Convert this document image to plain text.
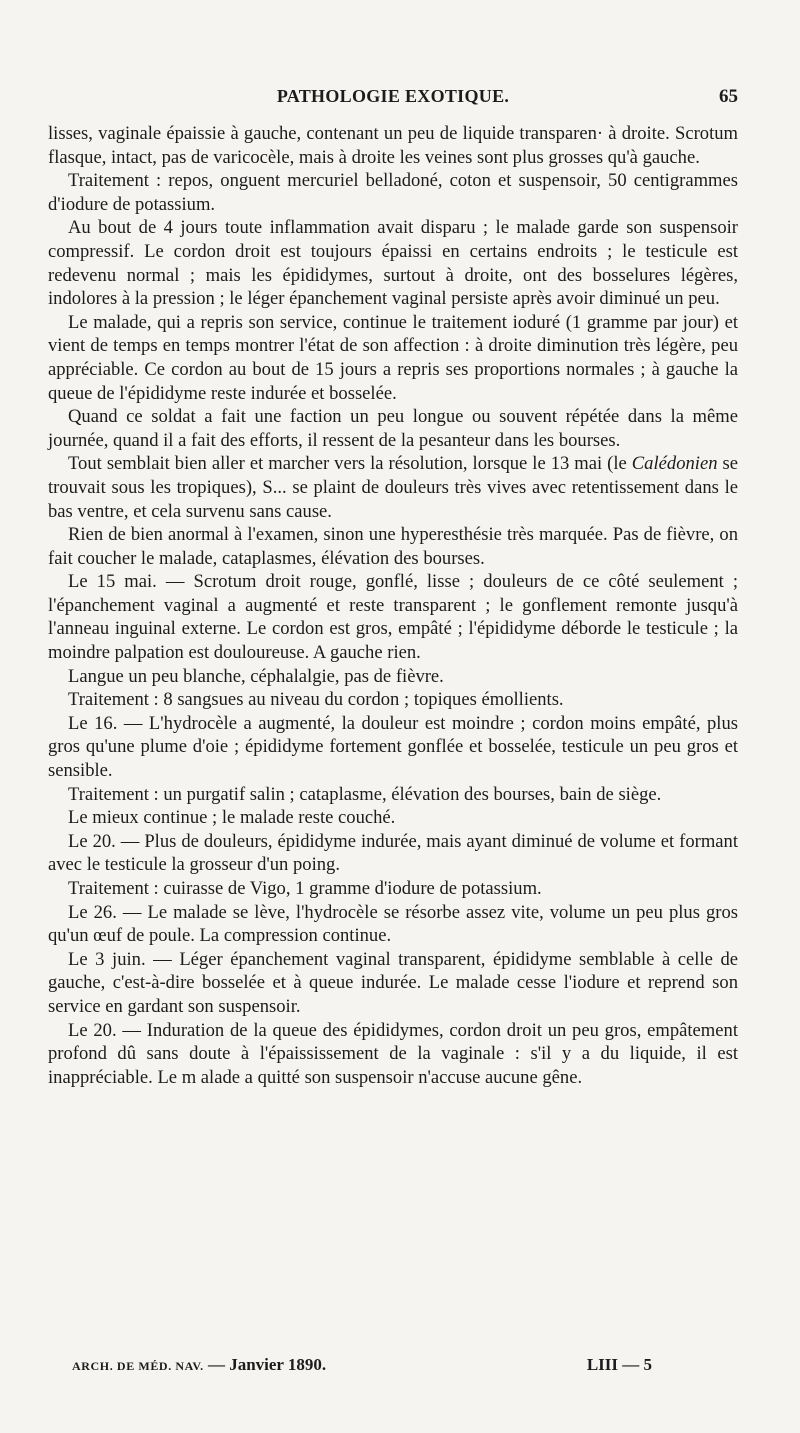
PATHOLOGIE EXOTIQUE.	65

lisses, vaginale épaissie à gauche, contenant un peu de liquide transparen· à droite. Scrotum flasque, intact, pas de varicocèle, mais à droite les veines sont plus grosses qu'à gauche.

Traitement : repos, onguent mercuriel belladoné, coton et suspensoir, 50 centigrammes d'iodure de potassium.

Au bout de 4 jours toute inflammation avait disparu ; le malade garde son suspensoir compressif. Le cordon droit est toujours épaissi en certains endroits ; le testicule est redevenu normal ; mais les épididymes, surtout à droite, ont des bosselures légères, indolores à la pression ; le léger épanchement vaginal persiste après avoir diminué un peu.

Le malade, qui a repris son service, continue le traitement ioduré (1 gramme par jour) et vient de temps en temps montrer l'état de son affection : à droite diminution très légère, peu appréciable. Ce cordon au bout de 15 jours a repris ses proportions normales ; à gauche la queue de l'épididyme reste indurée et bosselée.

Quand ce soldat a fait une faction un peu longue ou souvent répétée dans la même journée, quand il a fait des efforts, il ressent de la pesanteur dans les bourses.

Tout semblait bien aller et marcher vers la résolution, lorsque le 13 mai (le Calédonien se trouvait sous les tropiques), S... se plaint de douleurs très vives avec retentissement dans le bas ventre, et cela survenu sans cause.

Rien de bien anormal à l'examen, sinon une hyperesthésie très marquée. Pas de fièvre, on fait coucher le malade, cataplasmes, élévation des bourses.

Le 15 mai. — Scrotum droit rouge, gonflé, lisse ; douleurs de ce côté seulement ; l'épanchement vaginal a augmenté et reste transparent ; le gonflement remonte jusqu'à l'anneau inguinal externe. Le cordon est gros, empâté ; l'épididyme déborde le testicule ; la moindre palpation est douloureuse. A gauche rien.

Langue un peu blanche, céphalalgie, pas de fièvre.

Traitement : 8 sangsues au niveau du cordon ; topiques émollients.

Le 16. — L'hydrocèle a augmenté, la douleur est moindre ; cordon moins empâté, plus gros qu'une plume d'oie ; épididyme fortement gonflée et bosselée, testicule un peu gros et sensible.

Traitement : un purgatif salin ; cataplasme, élévation des bourses, bain de siège.

Le mieux continue ; le malade reste couché.

Le 20. — Plus de douleurs, épididyme indurée, mais ayant diminué de volume et formant avec le testicule la grosseur d'un poing.

Traitement : cuirasse de Vigo, 1 gramme d'iodure de potassium.

Le 26. — Le malade se lève, l'hydrocèle se résorbe assez vite, volume un peu plus gros qu'un œuf de poule. La compression continue.

Le 3 juin. — Léger épanchement vaginal transparent, épididyme semblable à celle de gauche, c'est-à-dire bosselée et à queue indurée. Le malade cesse l'iodure et reprend son service en gardant son suspensoir.

Le 20. — Induration de la queue des épididymes, cordon droit un peu gros, empâtement profond dû sans doute à l'épaississement de la vaginale : s'il y a du liquide, il est inappréciable. Le m alade a quitté son suspensoir n'accuse aucune gêne.

ARCH. DE MÉD. NAV. — Janvier 1890.	LIII — 5
